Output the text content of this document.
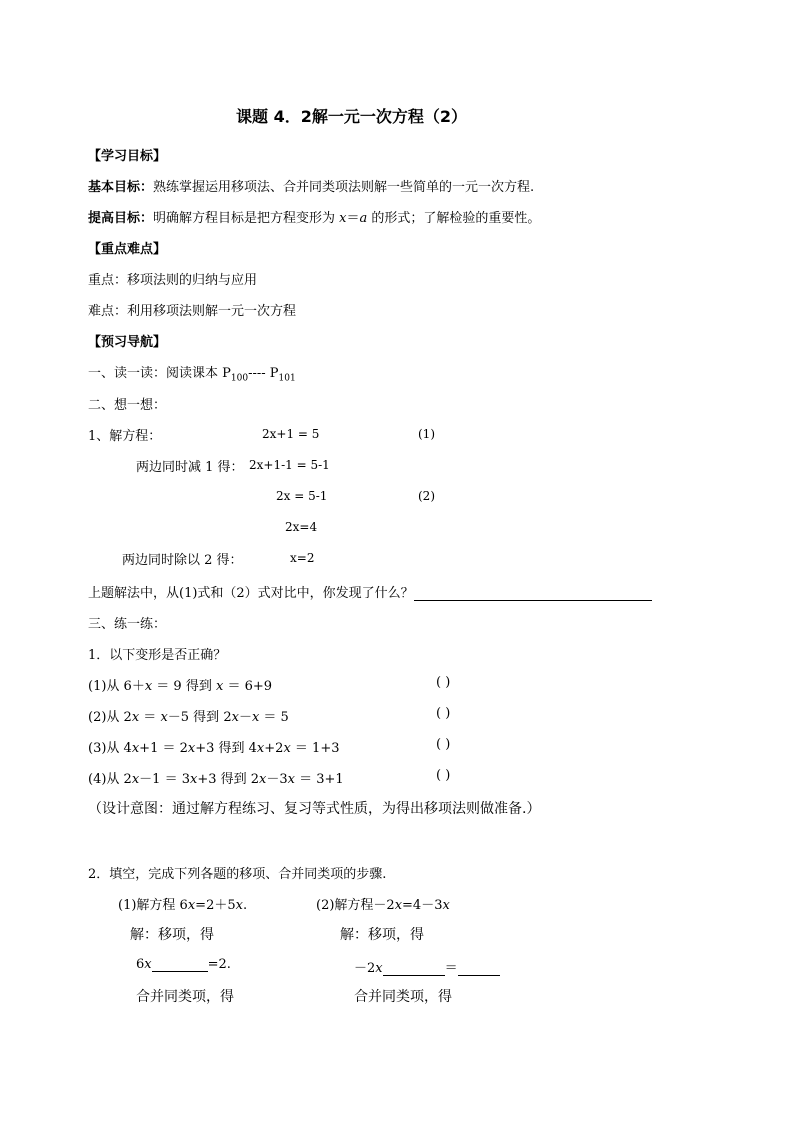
课题 4．2解一元一次方程（2）
【学习目标】
基本目标：熟练掌握运用移项法、合并同类项法则解一些简单的一元一次方程.
提高目标：明确解方程目标是把方程变形为 x＝a 的形式；了解检验的重要性。
【重点难点】
重点：移项法则的归纳与应用
难点：利用移项法则解一元一次方程
【预习导航】
一、读一读：阅读课本 $P_{100}----$ $P_{101}$
二、想一想：
1、解方程：	2x+1 = 5	(1)
两边同时减 1 得： 2x+1-1 = 5-1
2x = 5-1	(2)
2x=4
两边同时除以 2 得：	x=2
上题解法中，从(1)式和（2）式对比中，你发现了什么？
三、练一练：
1．以下变形是否正确？
(1)从 6＋x ＝ 9 得到 x ＝ 6+9	( )
(2)从 2x ＝ x－5 得到 2x－x ＝ 5	( )
(3)从 4x+1 ＝ 2x+3 得到 4x+2x ＝ 1+3	( )
(4)从 2x－1 ＝ 3x+3 得到 2x－3x ＝ 3+1	( )
（设计意图：通过解方程练习、复习等式性质，为得出移项法则做准备.）
2．填空，完成下列各题的移项、合并同类项的步骤.
(1)解方程 6x=2＋5x.	(2)解方程－2x=4－3x
解：移项，得	解：移项，得
6x	=2.	－2x	＝
合并同类项，得	合并同类项，得
